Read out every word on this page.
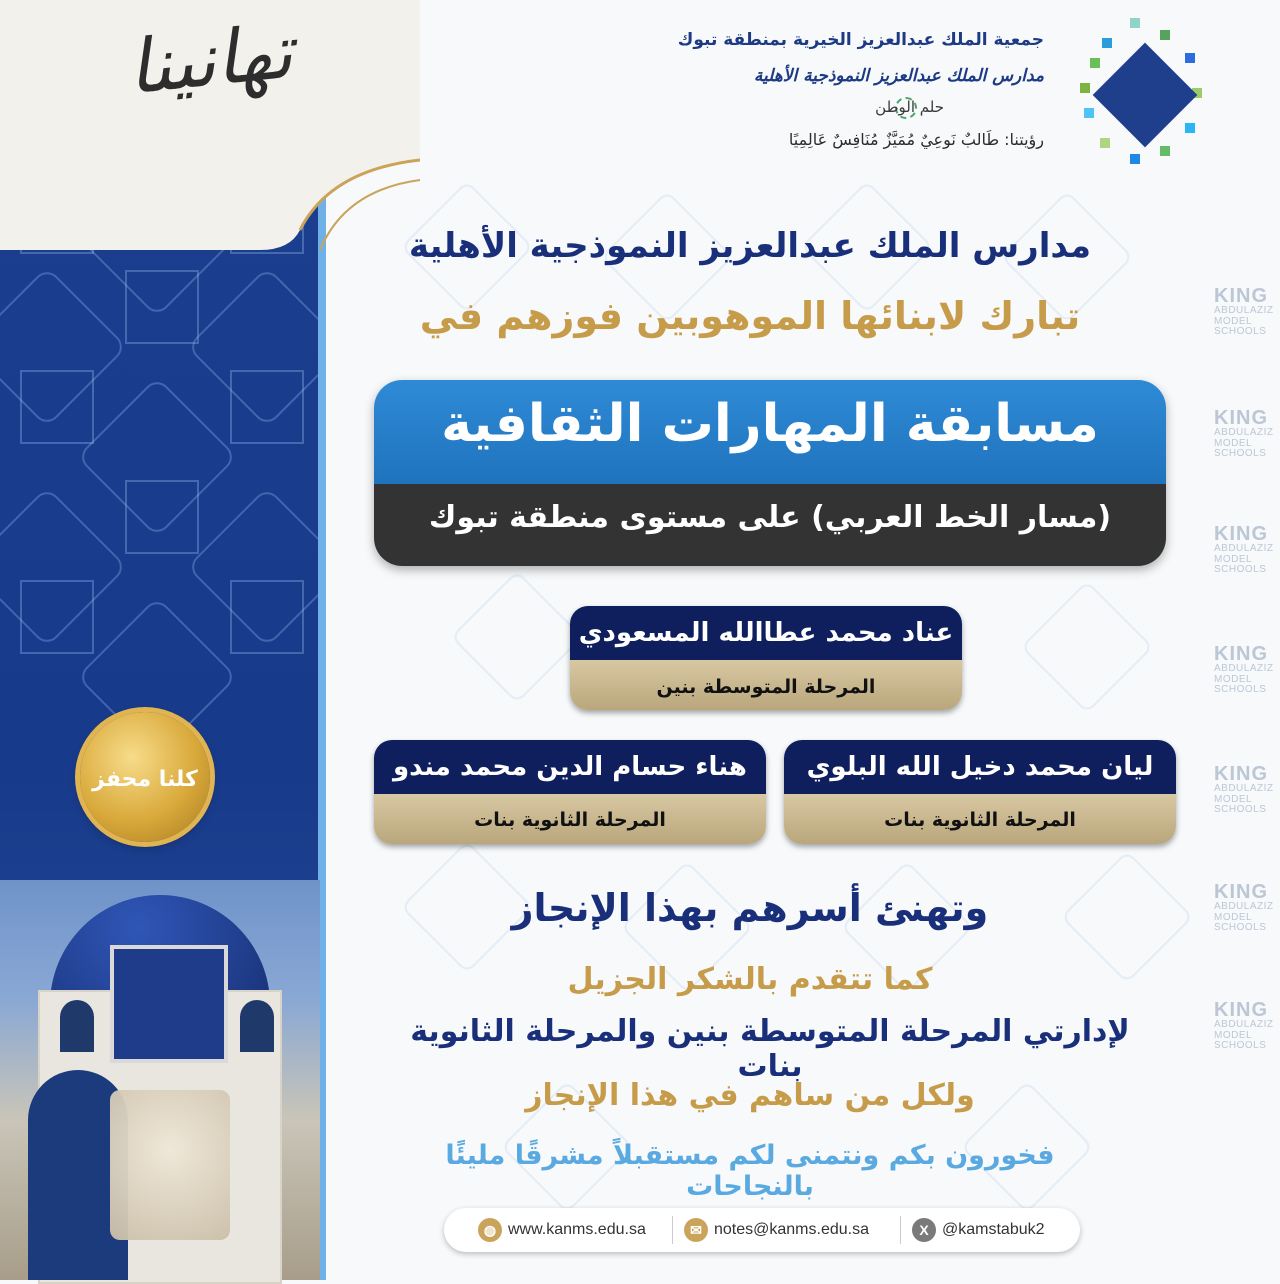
تهانينا
كلنا محفز
جمعية الملك عبدالعزيز الخيرية بمنطقة تبوك
مدارس الملك عبدالعزيز النموذجية الأهلية
حلم الوطن
رؤيتنا: طَالبٌ نَوعِيٌ مُمَيَّزٌ مُنَافِسٌ عَالِمِيًا
KING
ABDULAZIZ
MODEL
SCHOOLS
KING
ABDULAZIZ
MODEL
SCHOOLS
KING
ABDULAZIZ
MODEL
SCHOOLS
KING
ABDULAZIZ
MODEL
SCHOOLS
KING
ABDULAZIZ
MODEL
SCHOOLS
KING
ABDULAZIZ
MODEL
SCHOOLS
KING
ABDULAZIZ
MODEL
SCHOOLS
مدارس الملك عبدالعزيز النموذجية الأهلية
تبارك لابنائها الموهوبين فوزهم في
مسابقة المهارات الثقافية
(مسار الخط العربي) على مستوى منطقة تبوك
عناد محمد عطاالله المسعودي
المرحلة المتوسطة بنين
ليان محمد دخيل الله البلوي
المرحلة الثانوية بنات
هناء حسام الدين محمد مندو
المرحلة الثانوية بنات
وتهنئ أسرهم بهذا الإنجاز
كما تتقدم بالشكر الجزيل
لإدارتي المرحلة المتوسطة بنين والمرحلة الثانوية بنات
ولكل من ساهم في هذا الإنجاز
فخورون بكم ونتمنى لكم مستقبلاً مشرقًا مليئًا بالنجاحات
◍ www.kanms.edu.sa	✉ notes@kanms.edu.sa	X @kamstabuk2
